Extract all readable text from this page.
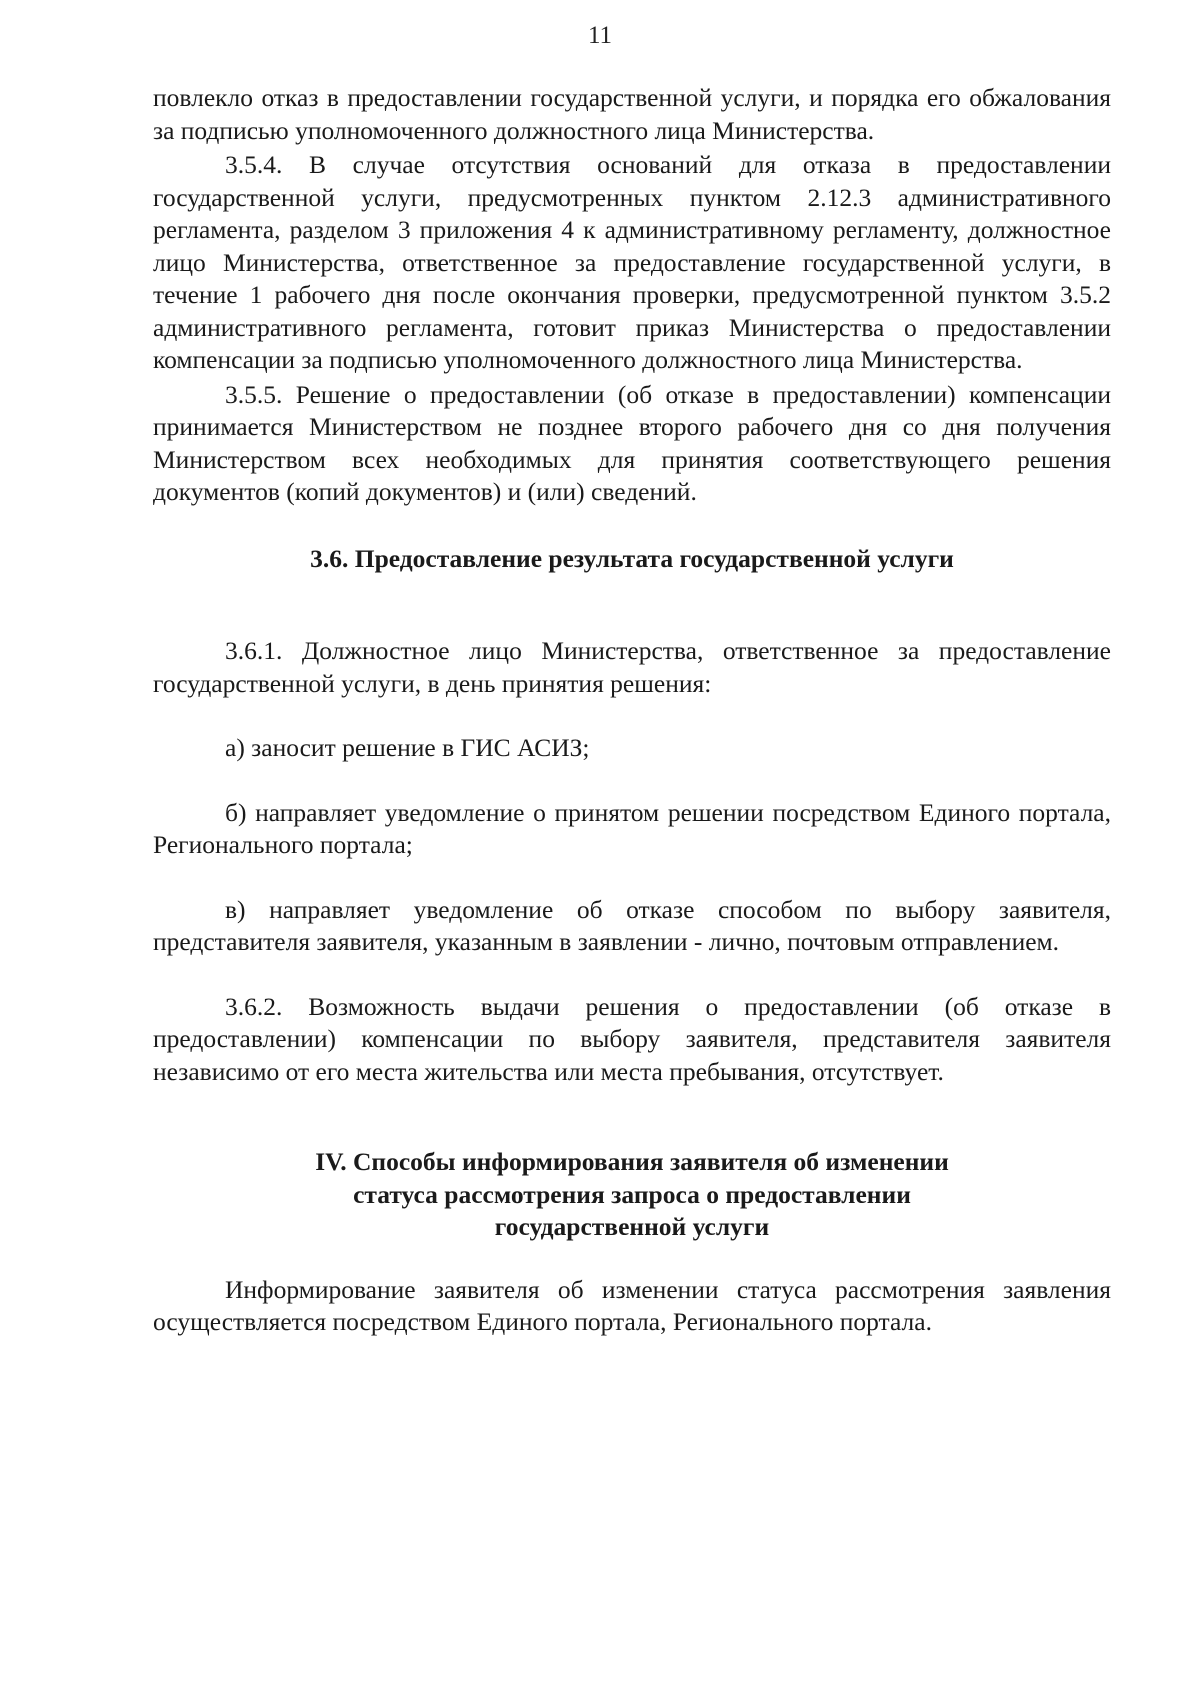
11

повлекло отказ в предоставлении государственной услуги, и порядка его обжалования за подписью уполномоченного должностного лица Министерства.

3.5.4. В случае отсутствия оснований для отказа в предоставлении государственной услуги, предусмотренных пунктом 2.12.3 административного регламента, разделом 3 приложения 4 к административному регламенту, должностное лицо Министерства, ответственное за предоставление государственной услуги, в течение 1 рабочего дня после окончания проверки, предусмотренной пунктом 3.5.2 административного регламента, готовит приказ Министерства о предоставлении компенсации за подписью уполномоченного должностного лица Министерства.

3.5.5. Решение о предоставлении (об отказе в предоставлении) компенсации принимается Министерством не позднее второго рабочего дня со дня получения Министерством всех необходимых для принятия соответствующего решения документов (копий документов) и (или) сведений.

3.6. Предоставление результата государственной услуги

3.6.1. Должностное лицо Министерства, ответственное за предоставление государственной услуги, в день принятия решения:

а) заносит решение в ГИС АСИЗ;

б) направляет уведомление о принятом решении посредством Единого портала, Регионального портала;

в) направляет уведомление об отказе способом по выбору заявителя, представителя заявителя, указанным в заявлении - лично, почтовым отправлением.

3.6.2. Возможность выдачи решения о предоставлении (об отказе в предоставлении) компенсации по выбору заявителя, представителя заявителя независимо от его места жительства или места пребывания, отсутствует.

IV. Способы информирования заявителя об изменении
статуса рассмотрения запроса о предоставлении
государственной услуги

Информирование заявителя об изменении статуса рассмотрения заявления осуществляется посредством Единого портала, Регионального портала.
